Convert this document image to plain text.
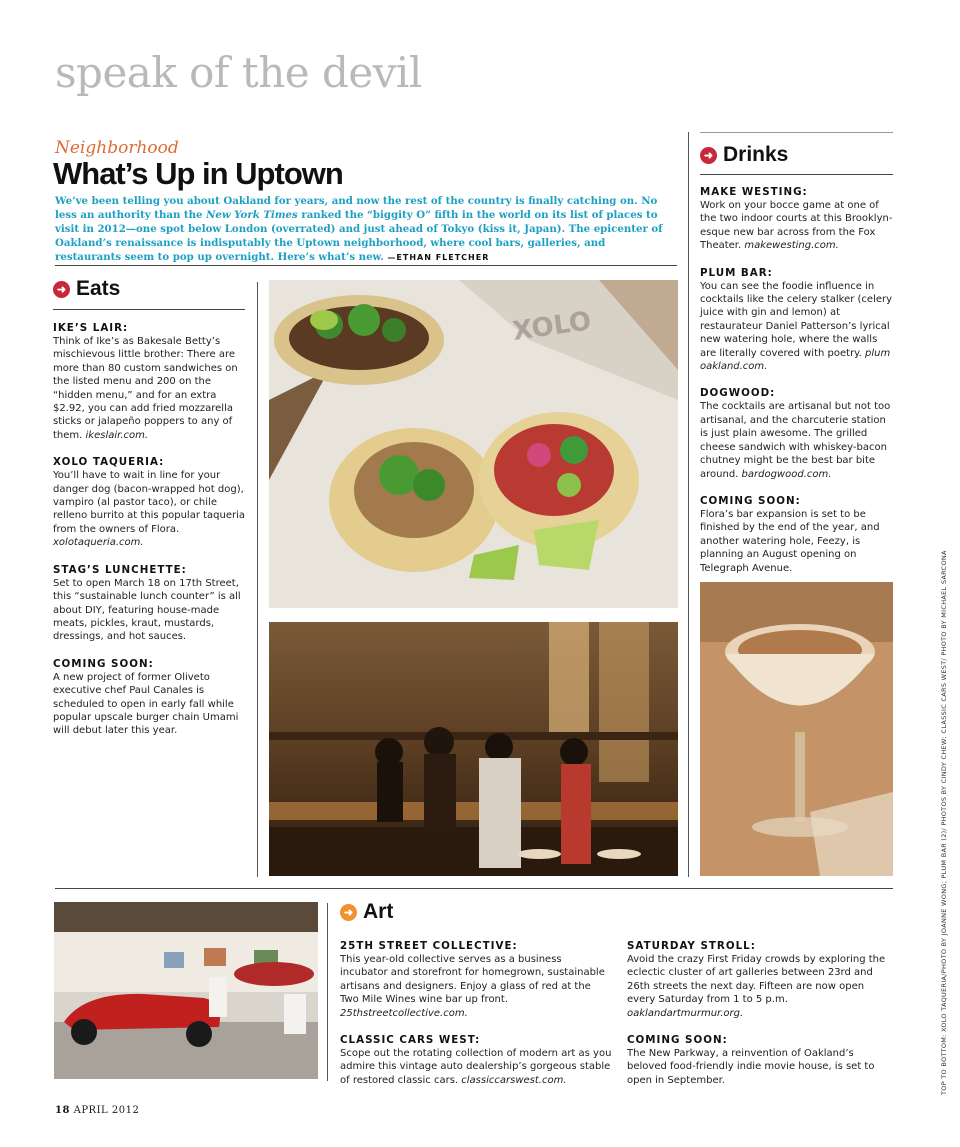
speak of the devil
Neighborhood
What’s Up in Uptown
We’ve been telling you about Oakland for years, and now the rest of the country is finally catching on. No less an authority than the New York Times ranked the “biggity O” fifth in the world on its list of places to visit in 2012—one spot below London (overrated) and just ahead of Tokyo (kiss it, Japan). The epicenter of Oakland’s renaissance is indisputably the Uptown neighborhood, where cool bars, galleries, and restaurants seem to pop up overnight. Here’s what’s new. —ETHAN FLETCHER
➜ Drinks
MAKE WESTING:

Work on your bocce game at one of the two indoor courts at this Brooklyn-esque new bar across from the Fox Theater. makewesting.com.

PLUM BAR:

You can see the foodie influence in cocktails like the celery stalker (celery juice with gin and lemon) at restaurateur Daniel Patterson’s lyrical new watering hole, where the walls are literally covered with poetry. plum oakland.com.

DOGWOOD:

The cocktails are artisanal but not too artisanal, and the charcuterie station is just plain awesome. The grilled cheese sandwich with whiskey-bacon chutney might be the best bar bite around. bardogwood.com.

COMING SOON:

Flora’s bar expansion is set to be finished by the end of the year, and another watering hole, Feezy, is planning an August opening on Telegraph Avenue.

➜ Eats
IKE’S LAIR:

Think of Ike’s as Bakesale Betty’s mischievous little brother: There are more than 80 custom sandwiches on the listed menu and 200 on the “hidden menu,” and for an extra $2.92, you can add fried mozzarella sticks or jalapeño poppers to any of them. ikeslair.com.

XOLO TAQUERIA:

You’ll have to wait in line for your danger dog (bacon-wrapped hot dog), vampiro (al pastor taco), or chile relleno burrito at this popular taqueria from the owners of Flora. xolotaqueria.com.

STAG’S LUNCHETTE:

Set to open March 18 on 17th Street, this “sustainable lunch counter” is all about DIY, featuring house-made meats, pickles, kraut, mustards, dressings, and hot sauces.

COMING SOON:

A new project of former Oliveto executive chef Paul Canales is scheduled to open in early fall while popular upscale burger chain Umami will debut later this year.

XOLO
➜ Art
25TH STREET COLLECTIVE:

This year-old collective serves as a business incubator and storefront for homegrown, sustainable artisans and designers. Enjoy a glass of red at the Two Mile Wines wine bar up front. 25thstreetcollective.com.

CLASSIC CARS WEST:

Scope out the rotating collection of modern art as you admire this vintage auto dealership’s gorgeous stable of restored classic cars. classiccarswest.com.

SATURDAY STROLL:

Avoid the crazy First Friday crowds by exploring the eclectic cluster of art galleries between 23rd and 26th streets the next day. Fifteen are now open every Saturday from 1 to 5 p.m. oaklandartmurmur.org.

COMING SOON:

The New Parkway, a reinvention of Oakland’s beloved food-friendly indie movie house, is set to open in September.	TOP TO BOTTOM: XOLO TAQUERIA/PHOTO BY JOANNE WONG; PLUM BAR (2)/ PHOTOS BY CINDY CHEW; CLASSIC CARS WEST/ PHOTO BY MICHAEL SARCONA
18 APRIL 2012
